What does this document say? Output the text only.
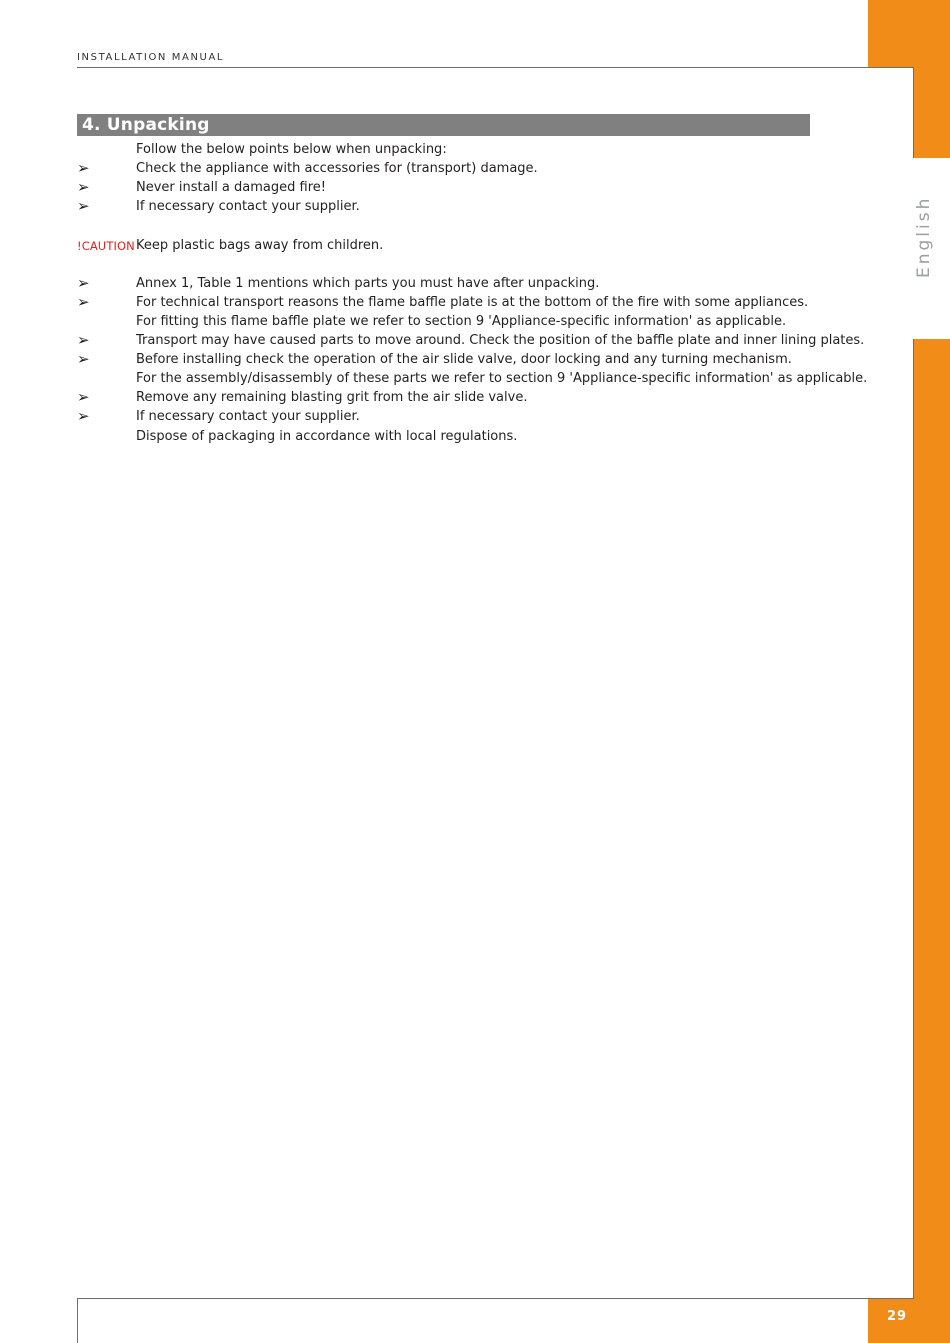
INSTALLATION MANUAL
English
29
4. Unpacking
Follow the below points below when unpacking:
➢	Check the appliance with accessories for (transport) damage.
➢	Never install a damaged fire!
➢	If necessary contact your supplier.
!CAUTION Keep plastic bags away from children.
➢	Annex 1, Table 1 mentions which parts you must have after unpacking.
➢	For technical transport reasons the flame baffle plate is at the bottom of the fire with some appliances.
For fitting this flame baffle plate we refer to section 9 'Appliance-specific information' as applicable.
➢	Transport may have caused parts to move around. Check the position of the baffle plate and inner lining plates.
➢	Before installing check the operation of the air slide valve, door locking and any turning mechanism.
For the assembly/disassembly of these parts we refer to section 9 'Appliance-specific information' as applicable.
➢	Remove any remaining blasting grit from the air slide valve.
➢	If necessary contact your supplier.
Dispose of packaging in accordance with local regulations.
